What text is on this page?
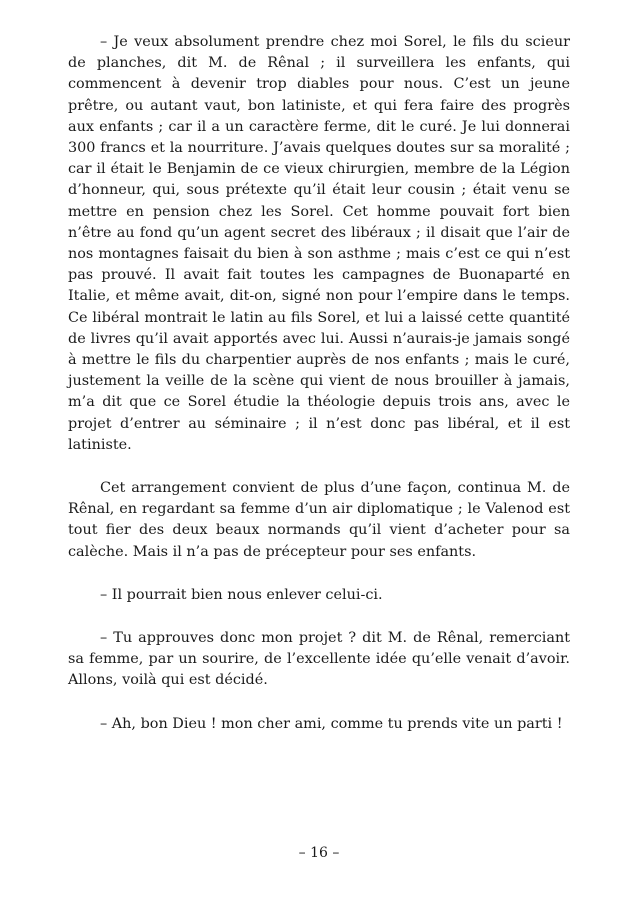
– Je veux absolument prendre chez moi Sorel, le fils du scieur de planches, dit M. de Rênal ; il surveillera les enfants, qui commencent à devenir trop diables pour nous. C’est un jeune prêtre, ou autant vaut, bon latiniste, et qui fera faire des progrès aux enfants ; car il a un caractère ferme, dit le curé. Je lui donnerai 300 francs et la nourriture. J’avais quelques doutes sur sa moralité ; car il était le Benjamin de ce vieux chirurgien, membre de la Légion d’honneur, qui, sous prétexte qu’il était leur cousin ; était venu se mettre en pension chez les Sorel. Cet homme pouvait fort bien n’être au fond qu’un agent secret des libéraux ; il disait que l’air de nos montagnes faisait du bien à son asthme ; mais c’est ce qui n’est pas prouvé. Il avait fait toutes les campagnes de Buonaparté en Italie, et même avait, dit-on, signé non pour l’empire dans le temps. Ce libéral montrait le latin au fils Sorel, et lui a laissé cette quantité de livres qu’il avait apportés avec lui. Aussi n’aurais-je jamais songé à mettre le fils du charpentier auprès de nos enfants ; mais le curé, justement la veille de la scène qui vient de nous brouiller à jamais, m’a dit que ce Sorel étudie la théologie depuis trois ans, avec le projet d’entrer au séminaire ; il n’est donc pas libéral, et il est latiniste.

Cet arrangement convient de plus d’une façon, continua M. de Rênal, en regardant sa femme d’un air diplomatique ; le Valenod est tout fier des deux beaux normands qu’il vient d’acheter pour sa calèche. Mais il n’a pas de précepteur pour ses enfants.

– Il pourrait bien nous enlever celui-ci.

– Tu approuves donc mon projet ? dit M. de Rênal, remerciant sa femme, par un sourire, de l’excellente idée qu’elle venait d’avoir. Allons, voilà qui est décidé.

– Ah, bon Dieu ! mon cher ami, comme tu prends vite un parti !

– 16 –
